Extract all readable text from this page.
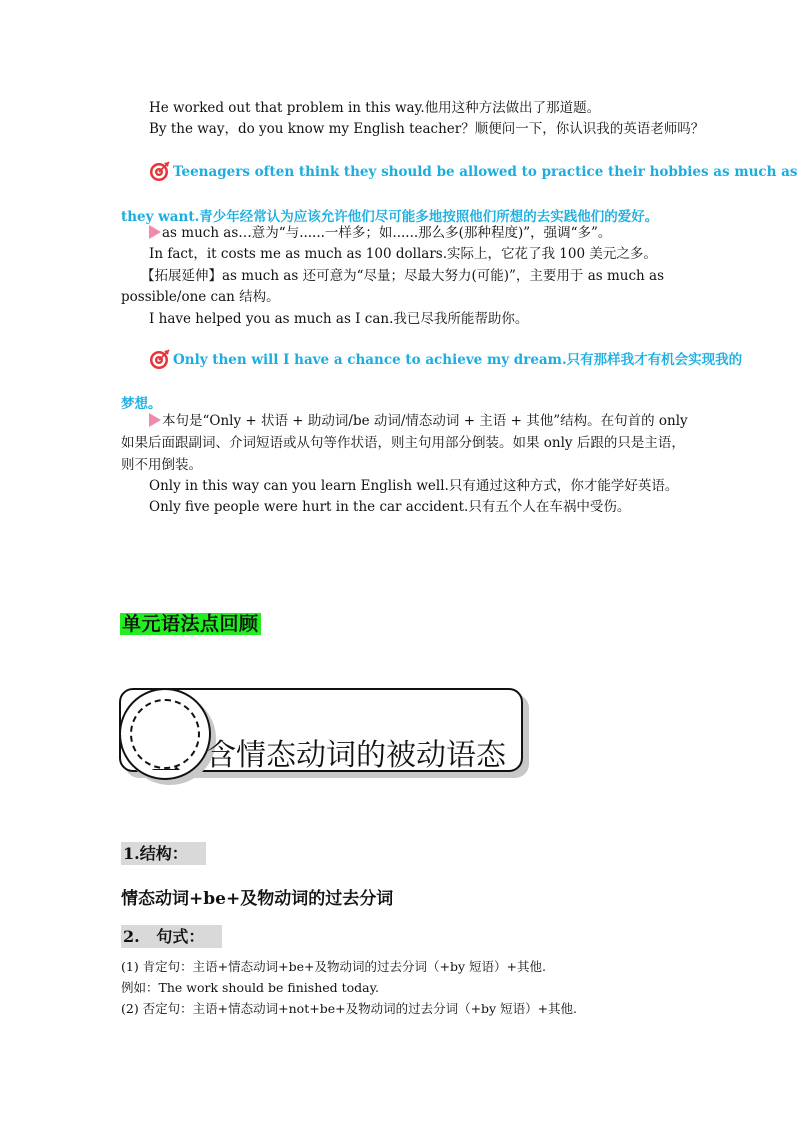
He worked out that problem in this way.他用这种方法做出了那道题。
By the way，do you know my English teacher？顺便问一下，你认识我的英语老师吗？
Teenagers often think they should be allowed to practice their hobbies as much as
they want.青少年经常认为应该允许他们尽可能多地按照他们所想的去实践他们的爱好。
as much as…意为“与......一样多；如......那么多(那种程度)”，强调“多”。
In fact，it costs me as much as 100 dollars.实际上，它花了我 100 美元之多。
【拓展延伸】as much as 还可意为“尽量；尽最大努力(可能)”，主要用于 as much as
possible/one can 结构。
I have helped you as much as I can.我已尽我所能帮助你。
Only then will I have a chance to achieve my dream.只有那样我才有机会实现我的
梦想。
本句是“Only + 状语 + 助动词/be 动词/情态动词 + 主语 + 其他”结构。在句首的 only
如果后面跟副词、介词短语或从句等作状语，则主句用部分倒装。如果 only 后跟的只是主语，
则不用倒装。
Only in this way can you learn English well.只有通过这种方式，你才能学好英语。
Only five people were hurt in the car accident.只有五个人在车祸中受伤。
单元语法点回顾
一 含情态动词的被动语态
1.结构：
情态动词+be+及物动词的过去分词
2.   句式：
(1) 肯定句：主语+情态动词+be+及物动词的过去分词（+by 短语）+其他.
例如：The work should be finished today.
(2) 否定句：主语+情态动词+not+be+及物动词的过去分词（+by 短语）+其他.
